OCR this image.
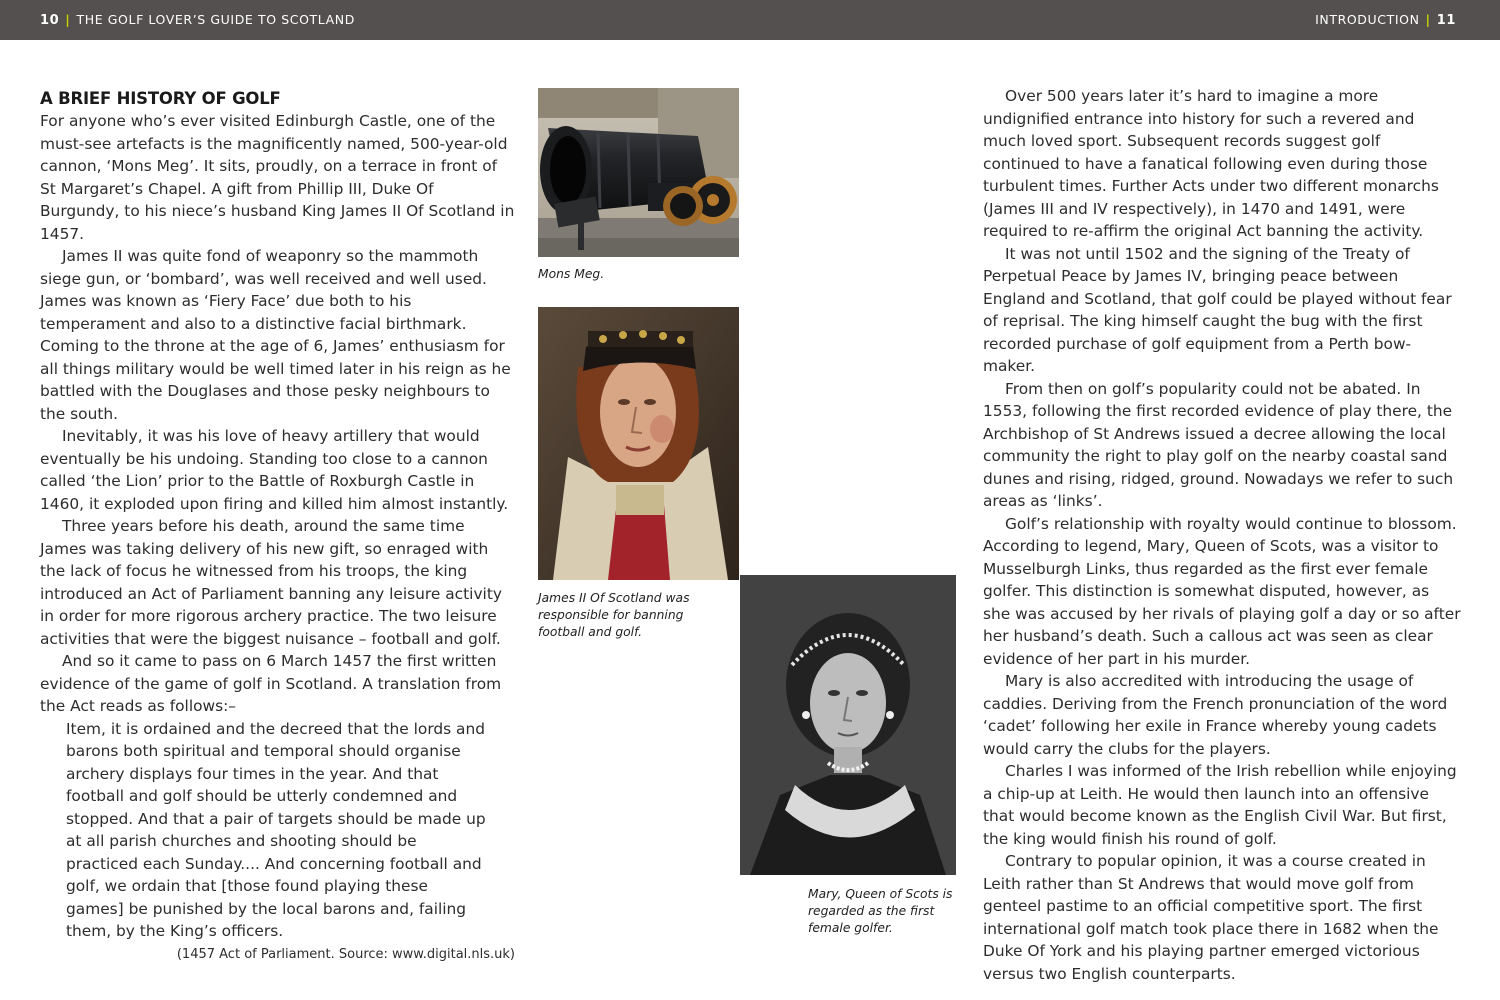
10 | THE GOLF LOVER’S GUIDE TO SCOTLAND	INTRODUCTION | 11
A BRIEF HISTORY OF GOLF

For anyone who’s ever visited Edinburgh Castle, one of the must-see artefacts is the magnificently named, 500-year-old cannon, ‘Mons Meg’. It sits, proudly, on a terrace in front of St Margaret’s Chapel. A gift from Phillip III, Duke Of Burgundy, to his niece’s husband King James II Of Scotland in 1457.

James II was quite fond of weaponry so the mammoth siege gun, or ‘bombard’, was well received and well used. James was known as ‘Fiery Face’ due both to his temperament and also to a distinctive facial birthmark. Coming to the throne at the age of 6, James’ enthusiasm for all things military would be well timed later in his reign as he battled with the Douglases and those pesky neighbours to the south.

Inevitably, it was his love of heavy artillery that would eventually be his undoing. Standing too close to a cannon called ‘the Lion’ prior to the Battle of Roxburgh Castle in 1460, it exploded upon firing and killed him almost instantly.

Three years before his death, around the same time James was taking delivery of his new gift, so enraged with the lack of focus he witnessed from his troops, the king introduced an Act of Parliament banning any leisure activity in order for more rigorous archery practice. The two leisure activities that were the biggest nuisance – football and golf.

And so it came to pass on 6 March 1457 the first written evidence of the game of golf in Scotland. A translation from the Act reads as follows:–

Item, it is ordained and the decreed that the lords and barons both spiritual and temporal should organise archery displays four times in the year. And that football and golf should be utterly condemned and stopped. And that a pair of targets should be made up at all parish churches and shooting should be practiced each Sunday.... And concerning football and golf, we ordain that [those found playing these games] be punished by the local barons and, failing them, by the King’s officers.

(1457 Act of Parliament. Source: www.digital.nls.uk)
Mons Meg.
James II Of Scotland was responsible for banning football and golf.
Mary, Queen of Scots is regarded as the first female golfer.

Over 500 years later it’s hard to imagine a more undignified entrance into history for such a revered and much loved sport. Subsequent records suggest golf continued to have a fanatical following even during those turbulent times. Further Acts under two different monarchs (James III and IV respectively), in 1470 and 1491, were required to re-affirm the original Act banning the activity.

It was not until 1502 and the signing of the Treaty of Perpetual Peace by James IV, bringing peace between England and Scotland, that golf could be played without fear of reprisal. The king himself caught the bug with the first recorded purchase of golf equipment from a Perth bow-maker.

From then on golf’s popularity could not be abated. In 1553, following the first recorded evidence of play there, the Archbishop of St Andrews issued a decree allowing the local community the right to play golf on the nearby coastal sand dunes and rising, ridged, ground. Nowadays we refer to such areas as ‘links’.

Golf’s relationship with royalty would continue to blossom. According to legend, Mary, Queen of Scots, was a visitor to Musselburgh Links, thus regarded as the first ever female golfer. This distinction is somewhat disputed, however, as she was accused by her rivals of playing golf a day or so after her husband’s death. Such a callous act was seen as clear evidence of her part in his murder.

Mary is also accredited with introducing the usage of caddies. Deriving from the French pronunciation of the word ‘cadet’ following her exile in France whereby young cadets would carry the clubs for the players.

Charles I was informed of the Irish rebellion while enjoying a chip-up at Leith. He would then launch into an offensive that would become known as the English Civil War. But first, the king would finish his round of golf.

Contrary to popular opinion, it was a course created in Leith rather than St Andrews that would move golf from genteel pastime to an official competitive sport. The first international golf match took place there in 1682 when the Duke Of York and his playing partner emerged victorious versus two English counterparts.
